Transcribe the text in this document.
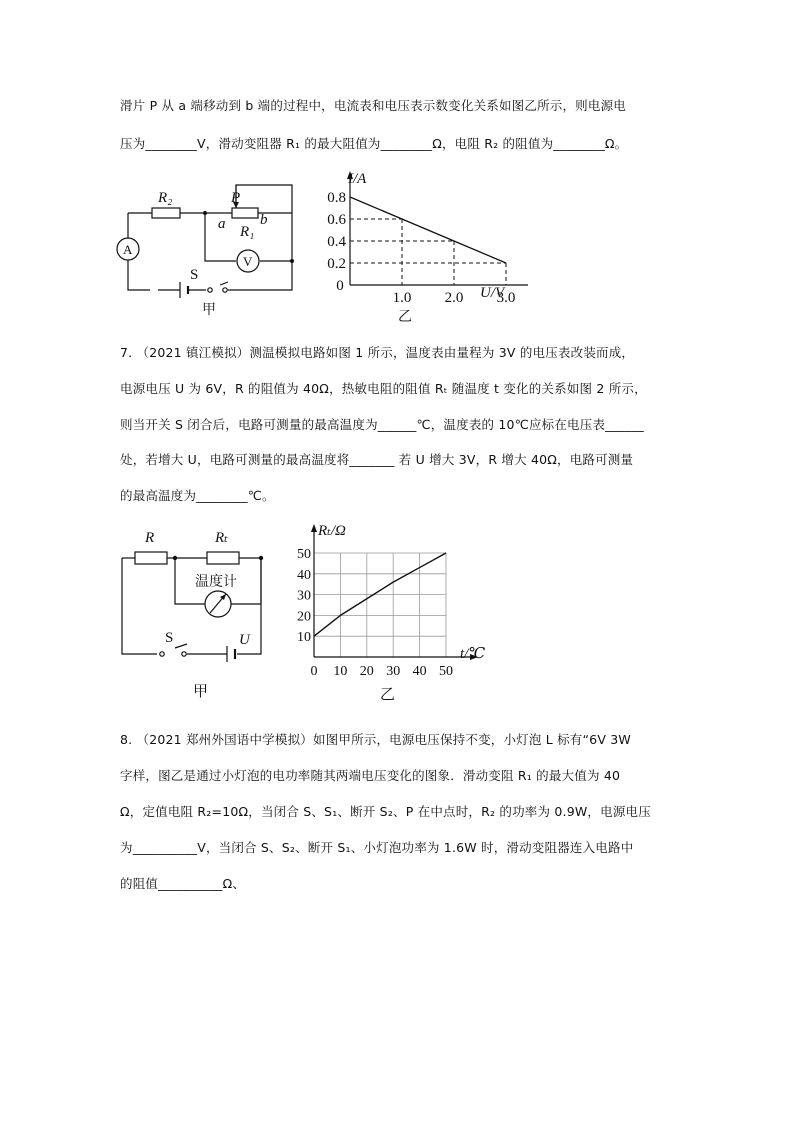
滑片 P 从 a 端移动到 b 端的过程中，电流表和电压表示数变化关系如图乙所示，则电源电
压为________V，滑动变阻器 R₁ 的最大阻值为________Ω，电阻 R₂ 的阻值为________Ω。
R₂	P
a b
R₁
A
V
S
甲
0.2
0.4
0.6
0.8
1.0 2.0 3.0
0
I/A
U/V
乙
7. （2021 镇江模拟）测温模拟电路如图 1 所示，温度表由量程为 3V 的电压表改装而成，
电源电压 U 为 6V，R 的阻值为 40Ω，热敏电阻的阻值 Rₜ 随温度 t 变化的关系如图 2 所示，
则当开关 S 闭合后，电路可测量的最高温度为______℃，温度表的 10℃应标在电压表______
处，若增大 U，电路可测量的最高温度将_______ 若 U 增大 3V，R 增大 40Ω，电路可测量
的最高温度为________℃。
R	Rₜ
温度计
S	U
甲
10
20
30
40
50
0 10 20 30 40 50
Rₜ/Ω
t/℃
乙
8. （2021 郑州外国语中学模拟）如图甲所示，电源电压保持不变，小灯泡 L 标有“6V 3W
字样，图乙是通过小灯泡的电功率随其两端电压变化的图象．滑动变阻 R₁ 的最大值为 40
Ω，定值电阻 R₂=10Ω，当闭合 S、S₁、断开 S₂、P 在中点时，R₂ 的功率为 0.9W，电源电压
为__________V，当闭合 S、S₂、断开 S₁、小灯泡功率为 1.6W 时，滑动变阻器连入电路中
的阻值__________Ω、
